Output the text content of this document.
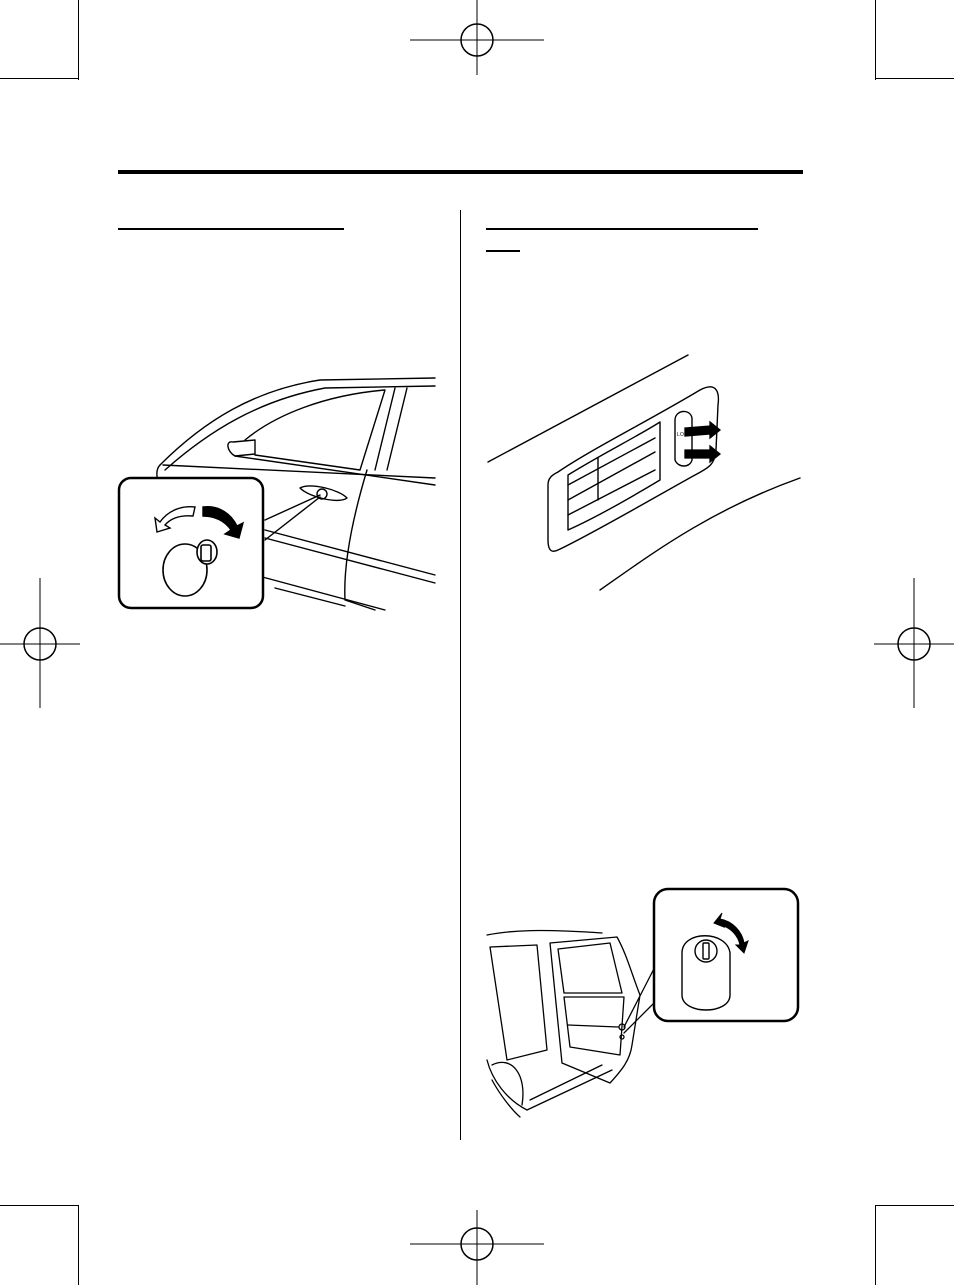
LOCK
